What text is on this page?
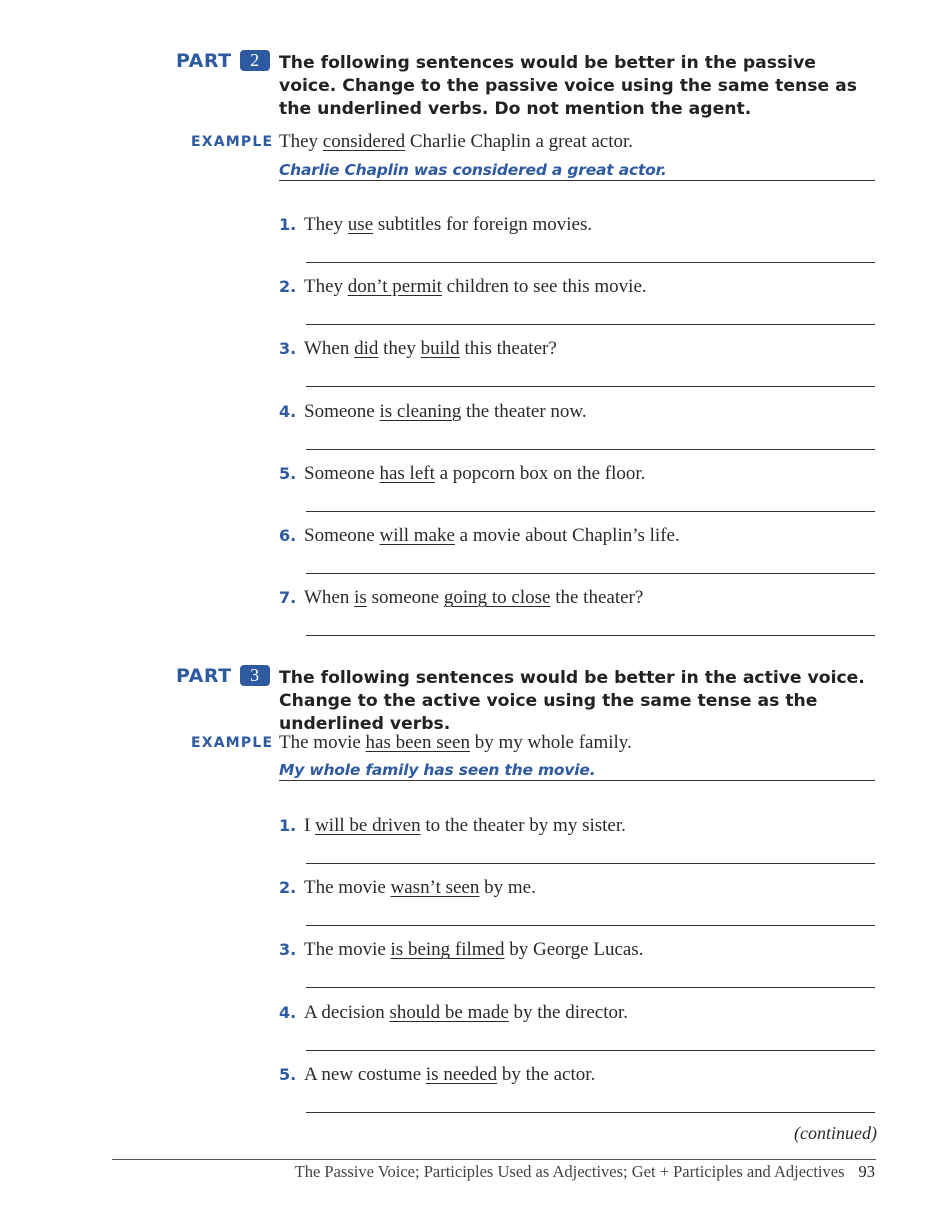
PART 2	The following sentences would be better in the passive voice. Change to the passive voice using the same tense as the underlined verbs. Do not mention the agent.
EXAMPLE They considered Charlie Chaplin a great actor.
Charlie Chaplin was considered a great actor.
1. They use subtitles for foreign movies.
2. They don’t permit children to see this movie.
3. When did they build this theater?
4. Someone is cleaning the theater now.
5. Someone has left a popcorn box on the floor.
6. Someone will make a movie about Chaplin’s life.
7. When is someone going to close the theater?
PART 3	The following sentences would be better in the active voice. Change to the active voice using the same tense as the underlined verbs.
EXAMPLE The movie has been seen by my whole family.
My whole family has seen the movie.
1. I will be driven to the theater by my sister.
2. The movie wasn’t seen by me.
3. The movie is being filmed by George Lucas.
4. A decision should be made by the director.
5. A new costume is needed by the actor.
(continued)
The Passive Voice; Participles Used as Adjectives; Get + Participles and Adjectives 93
